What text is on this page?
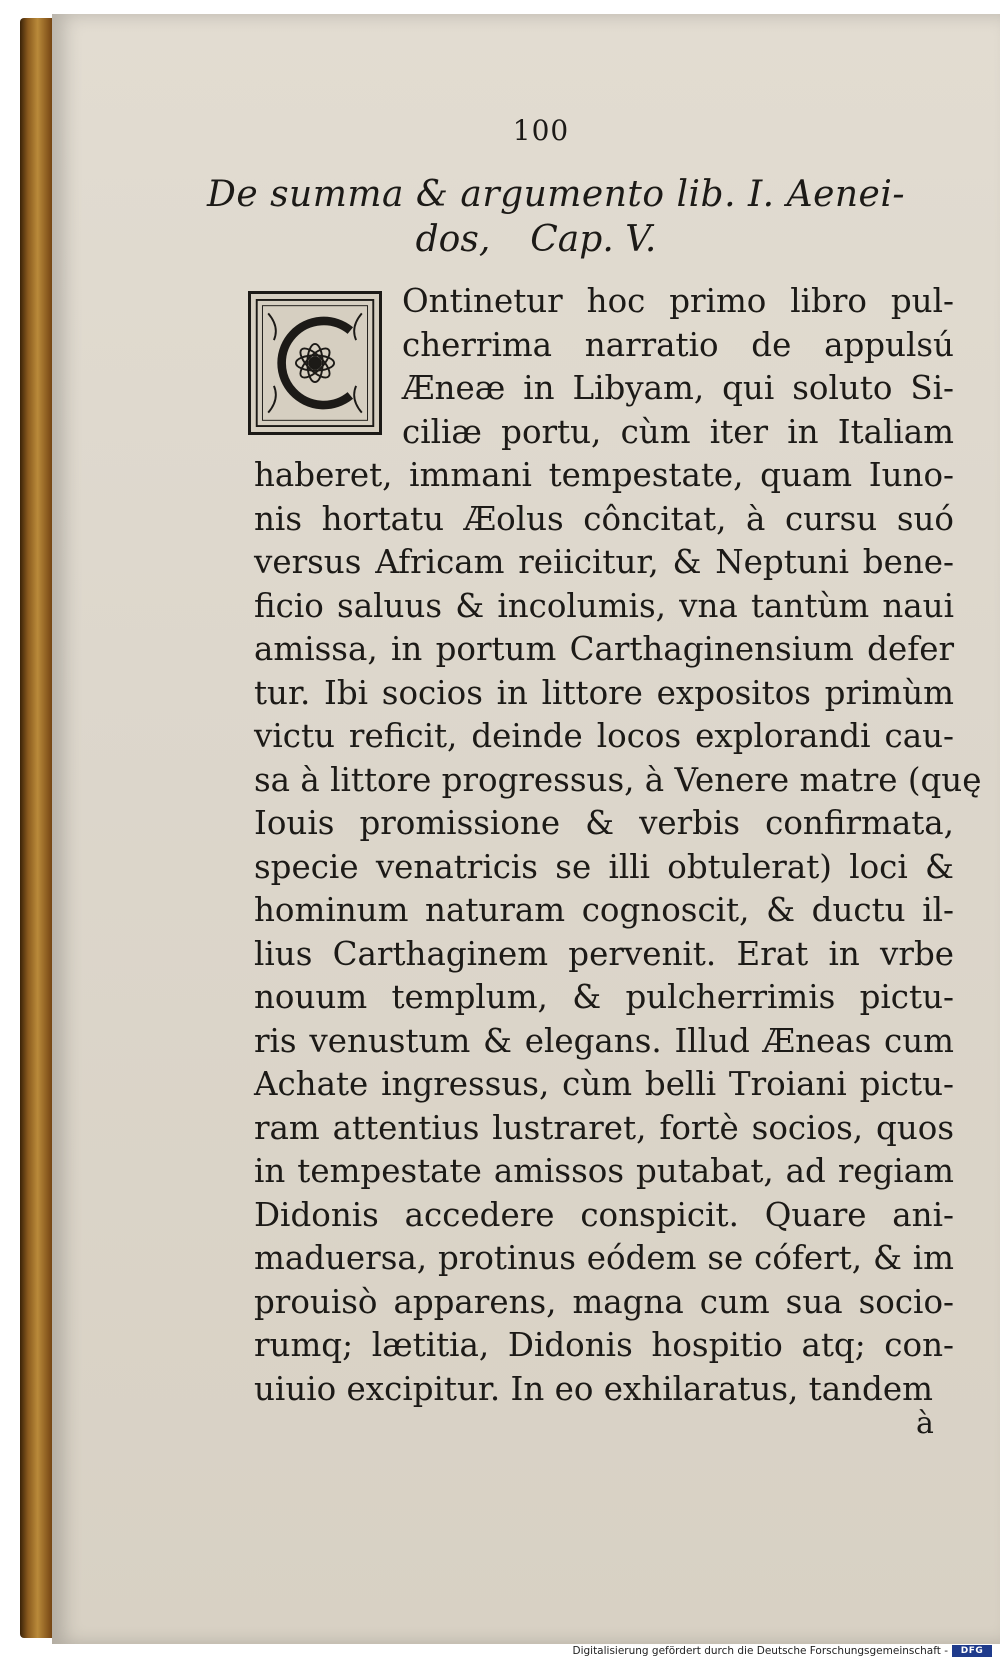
100
De summa & argumento lib. I. Aenei-
dos, Cap. V.
Ontinetur hoc primo libro pul-
cherrima narratio de appulsú
Æneæ in Libyam, qui soluto Si-
ciliæ portu, cùm iter in Italiam
haberet, immani tempestate, quam Iuno-
nis hortatu Æolus côncitat, à cursu suó
versus Africam reiicitur, & Neptuni bene-
ficio saluus & incolumis, vna tantùm naui
amissa, in portum Carthaginensium defer
tur. Ibi socios in littore expositos primùm
victu reficit, deinde locos explorandi cau-
sa à littore progressus, à Venere matre (quę
Iouis promissione & verbis confirmata,
specie venatricis se illi obtulerat) loci &
hominum naturam cognoscit, & ductu il-
lius Carthaginem pervenit. Erat in vrbe
nouum templum, & pulcherrimis pictu-
ris venustum & elegans. Illud Æneas cum
Achate ingressus, cùm belli Troiani pictu-
ram attentius lustraret, fortè socios, quos
in tempestate amissos putabat, ad regiam
Didonis accedere conspicit. Quare ani-
maduersa, protinus eódem se cófert, & im
prouisò apparens, magna cum sua socio-
rumq; lætitia, Didonis hospitio atq; con-
uiuio excipitur. In eo exhilaratus, tandem
à
Digitalisierung gefördert durch die Deutsche Forschungsgemeinschaft -	DFG
